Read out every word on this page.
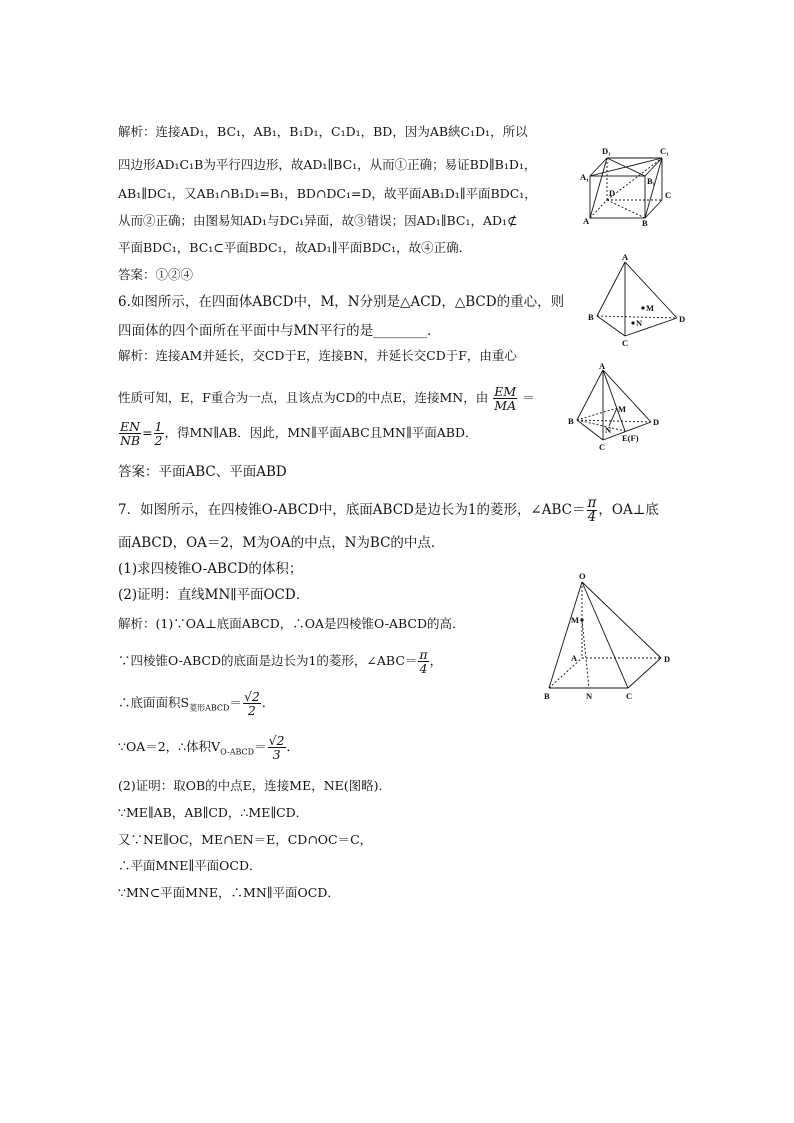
解析：连接AD₁，BC₁，AB₁，B₁D₁，C₁D₁，BD，因为AB綊C₁D₁，所以
四边形AD₁C₁B为平行四边形，故AD₁∥BC₁，从而①正确；易证BD∥B₁D₁，
AB₁∥DC₁，又AB₁∩B₁D₁=B₁，BD∩DC₁=D，故平面AB₁D₁∥平面BDC₁，
从而②正确；由图易知AD₁与DC₁异面，故③错误；因AD₁∥BC₁，AD₁⊄
平面BDC₁，BC₁⊂平面BDC₁，故AD₁∥平面BDC₁，故④正确．
答案：①②④
6.如图所示，在四面体ABCD中，M，N分别是△ACD，△BCD的重心，则
四面体的四个面所在平面中与MN平行的是________．
解析：连接AM并延长，交CD于E，连接BN，并延长交CD于F，由重心
性质可知，E，F重合为一点，且该点为CD的中点E，连接MN，由 $\frac{EM}{MA}$ ＝
$\frac{EN}{NB} = \frac{1}{2}$ ，得MN∥AB．因此，MN∥平面ABC且MN∥平面ABD．
答案：平面ABC、平面ABD
7．如图所示，在四棱锥O-ABCD中，底面ABCD是边长为1的菱形，∠ABC＝ $\frac{\pi}{4}$ ，OA⊥底
面ABCD，OA＝2，M为OA的中点，N为BC的中点．
(1)求四棱锥O-ABCD的体积；
(2)证明：直线MN∥平面OCD．
解析：(1)∵OA⊥底面ABCD，∴OA是四棱锥O-ABCD的高．
∵四棱锥O-ABCD的底面是边长为1的菱形，∠ABC＝ $\frac{\pi}{4}$ ，
∴底面面积$S_{菱形ABCD}= \frac{√2}{2}$ ．
∵OA＝2，∴体积$V_{O-ABCD}= \frac{√2}{3}$ ．
(2)证明：取OB的中点E，连接ME，NE(图略)．
∵ME∥AB，AB∥CD，∴ME∥CD．
又∵NE∥OC，ME∩EN＝E，CD∩OC＝C，
∴平面MNE∥平面OCD．
∵MN⊂平面MNE，∴MN∥平面OCD．
D₁	C₁
A₁	B₁
D	C
A	B
A
M
B	D
N
C
A
M
B	D
N
E(F)
C
O
M
A	D
B	N	C
